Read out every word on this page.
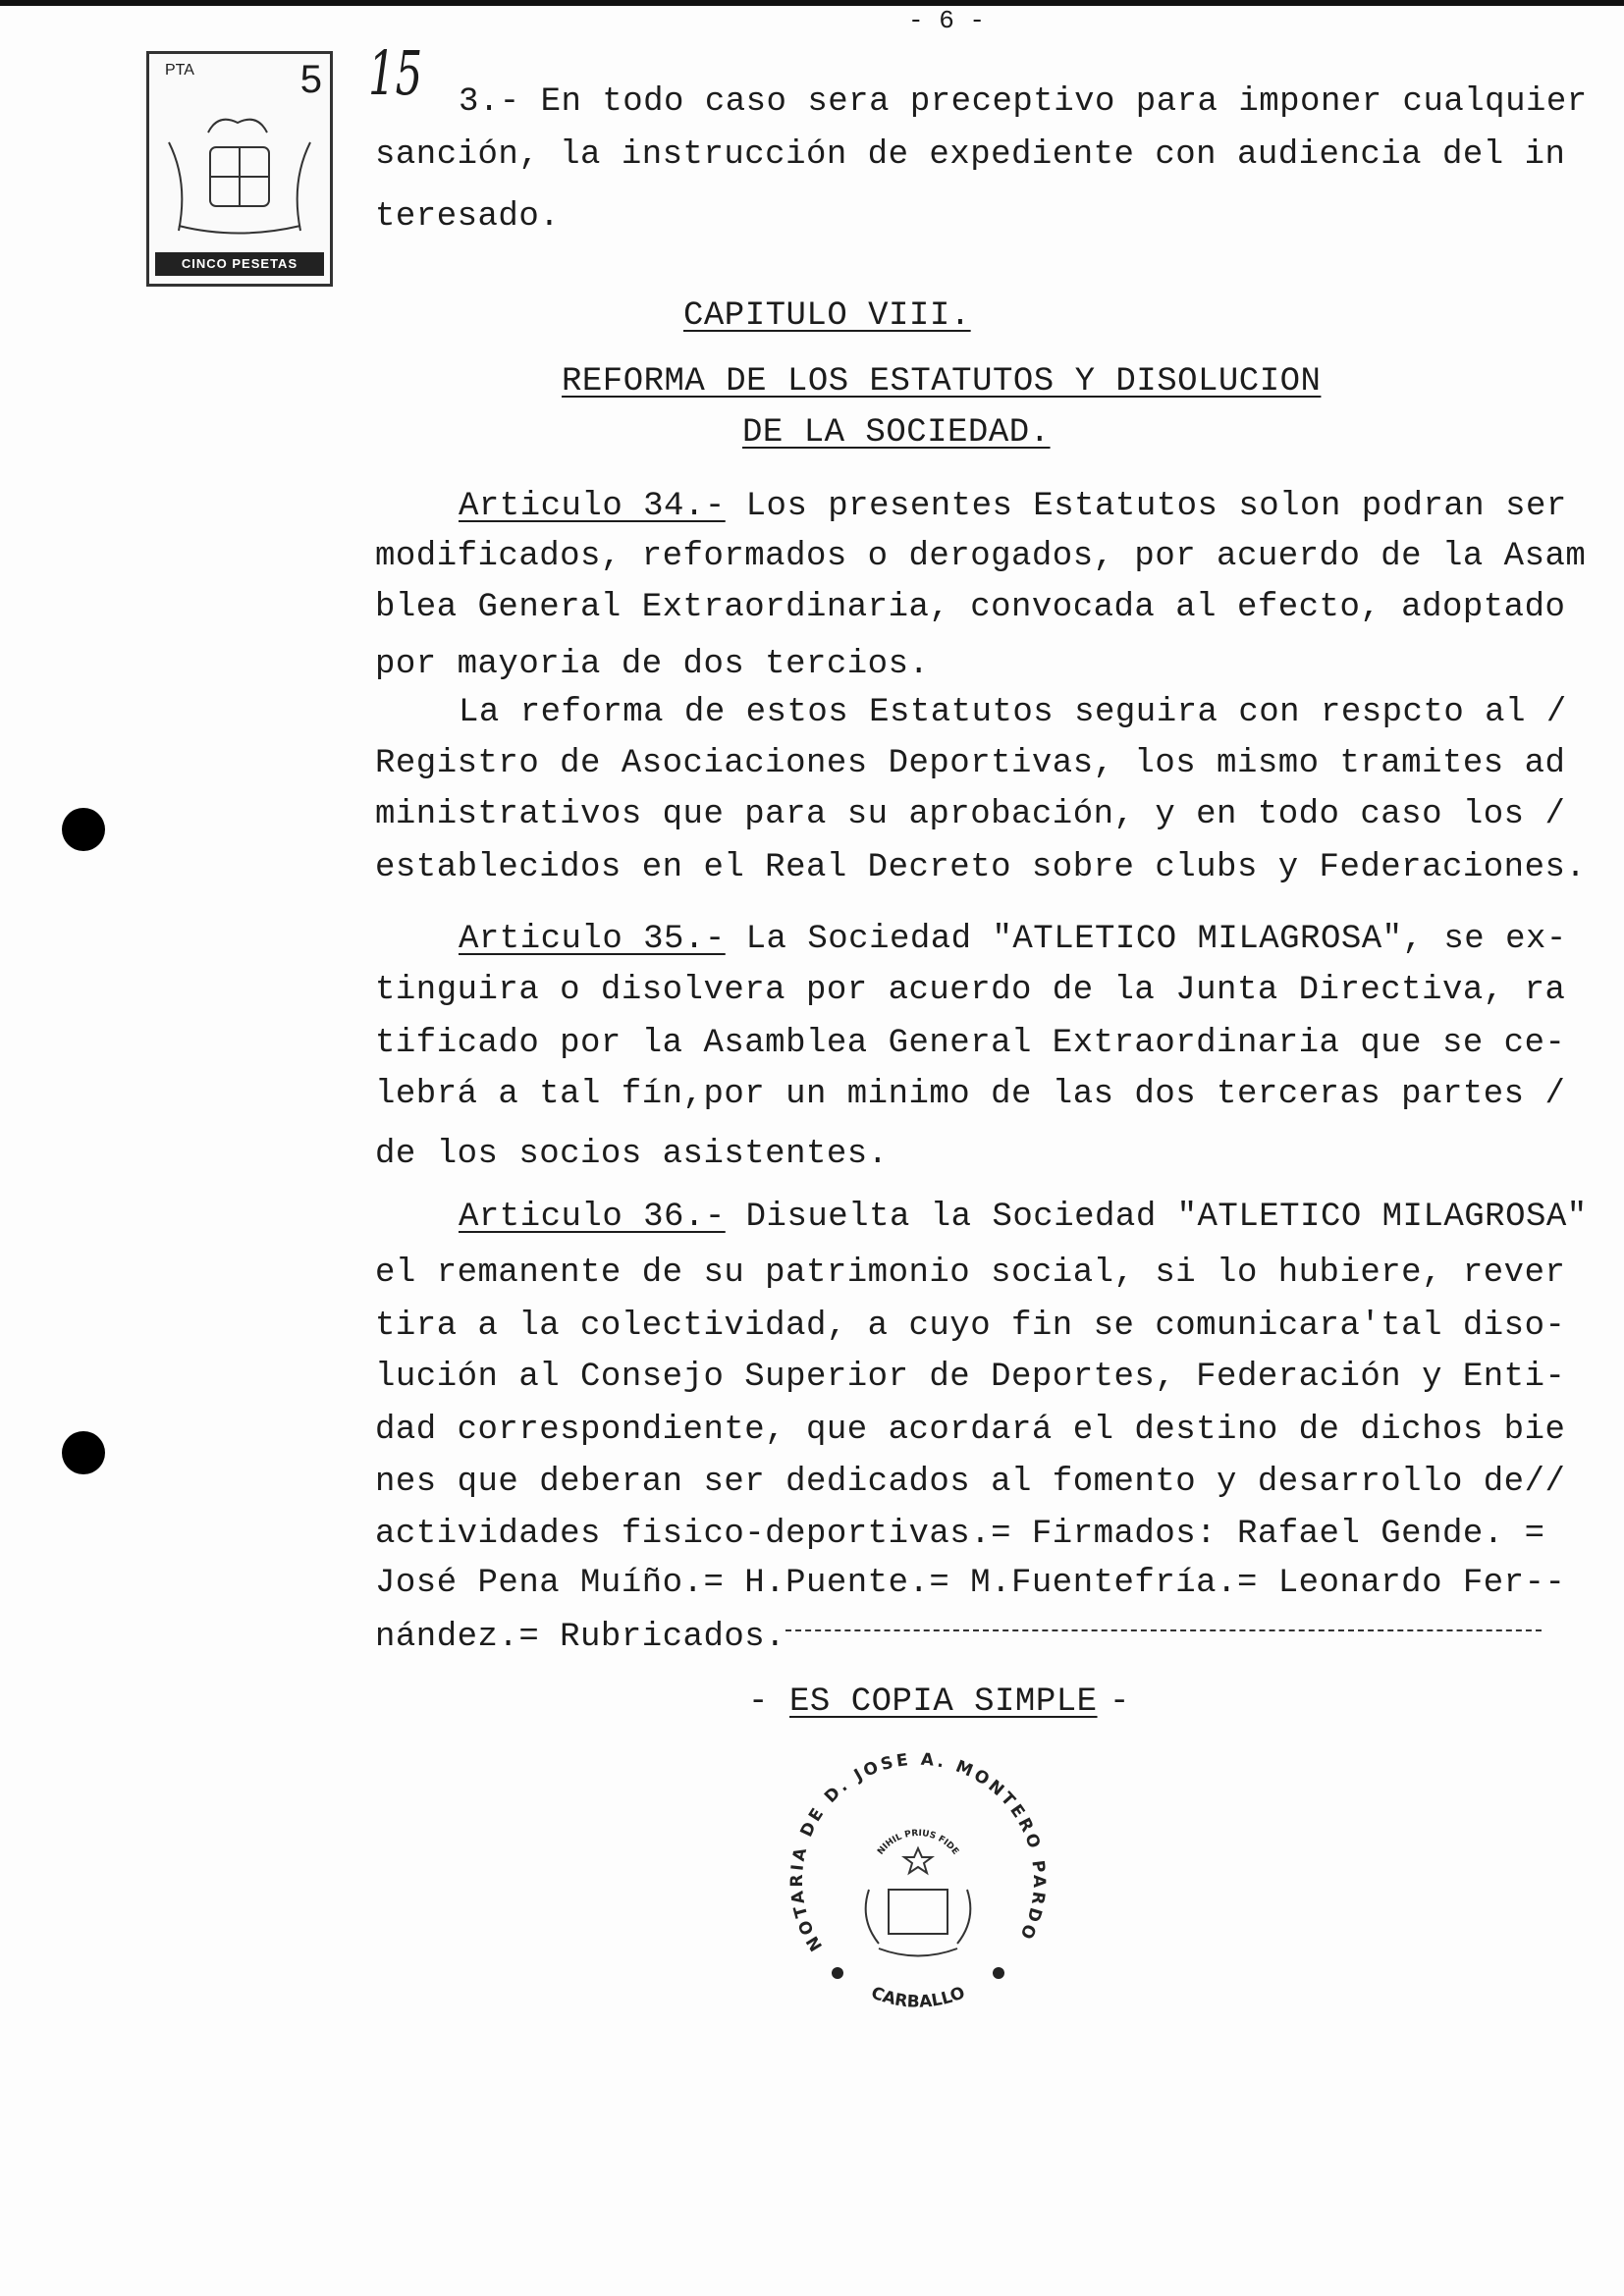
- 6 -
15
PTA	5
CINCO PESETAS
3.- En todo caso sera preceptivo para imponer cualquier
sanción, la instrucción de expediente con audiencia del in
teresado.
CAPITULO VIII.
REFORMA DE LOS ESTATUTOS Y DISOLUCION
DE LA SOCIEDAD.
Articulo 34.- Los presentes Estatutos solon podran ser
modificados, reformados o derogados, por acuerdo de la Asam
blea General Extraordinaria, convocada al efecto, adoptado
por mayoria de dos tercios.
La reforma de estos Estatutos seguira con respcto al /
Registro de Asociaciones Deportivas, los mismo tramites ad
ministrativos que para su aprobación, y en todo caso los /
establecidos en el Real Decreto sobre clubs y Federaciones.
Articulo 35.- La Sociedad "ATLETICO MILAGROSA", se ex-
tinguira o disolvera por acuerdo de la Junta Directiva, ra
tificado por la Asamblea General Extraordinaria que se ce-
lebrá a tal fín,por un minimo de las dos terceras partes /
de los socios asistentes.
Articulo 36.- Disuelta la Sociedad "ATLETICO MILAGROSA"
el remanente de su patrimonio social, si lo hubiere, rever
tira a la colectividad, a cuyo fin se comunicara'tal diso-
lución al Consejo Superior de Deportes, Federación y Enti-
dad correspondiente, que acordará el destino de dichos bie
nes que deberan ser dedicados al fomento y desarrollo de//
actividades fisico-deportivas.= Firmados: Rafael Gende. =
José Pena Muíño.= H.Puente.= M.Fuentefría.= Leonardo Fer--
nández.= Rubricados.
- ES COPIA SIMPLE -
NOTARIA DE D. JOSE A. MONTERO PARDO
CARBALLO
NIHIL PRIUS FIDE
